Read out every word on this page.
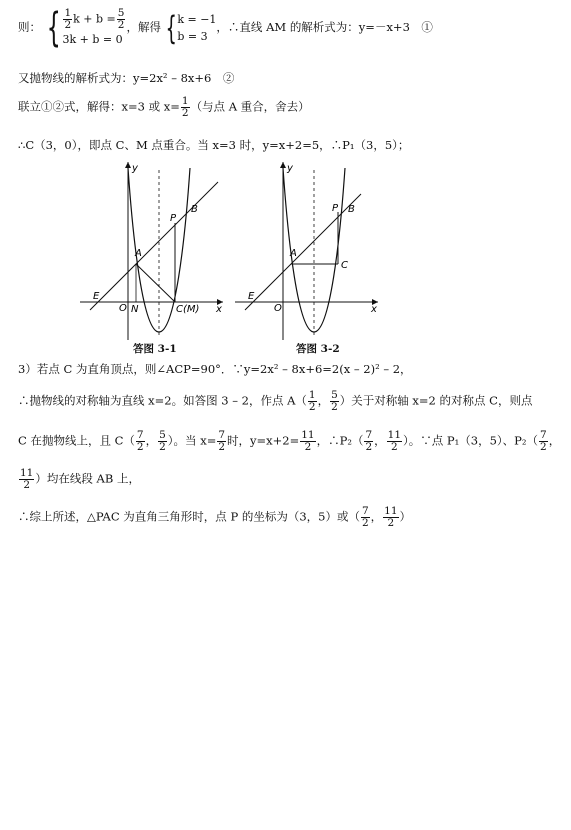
则： { $\frac{1}{2}$ $k + b = \frac{5}{2}$
3k + b = 0
，解得 { k = −1
b = 3
，∴直线 AM 的解析式为：y=－x+3　①
又抛物线的解析式为：y=2x² – 8x+6　②
联立①②式，解得：x=3 或 $x= \frac{1}{2}$ （与点 A 重合，舍去）
∴C（3，0），即点 C、M 点重合。当 x=3 时，y=x+2=5，∴P₁（3，5）；
y
x
O N
E
A
P
B
C(M)
答图 3-1
y
x
O
E
A
P B
C
答图 3-2
3）若点 C 为直角顶点，则∠ACP=90°．∵y=2x² – 8x+6=2(x – 2)² – 2，
∴抛物线的对称轴为直线 x=2。如答图 3 – 2，作点 $A( \frac{1}{2}$ ， $\frac{5}{2}$ ）关于对称轴 x=2 的对称点 C，则点
C 在抛物线上，且 $C( \frac{7}{2}$ ， $\frac{5}{2}$ ）。当 $x= \frac{7}{2}$ 时，$y=x+2= \frac{11}{2}$ ，∴P₂（ $\frac{7}{2}$ ， $\frac{11}{2}$ ）。∵点 P₁（3，5）、$P_2( \frac{7}{2}$ ，
$\frac{11}{2}$ ）均在线段 AB 上，
∴综上所述，△PAC 为直角三角形时，点 P 的坐标为（3，5）或（ $\frac{7}{2}$ ， $\frac{11}{2}$ ）
